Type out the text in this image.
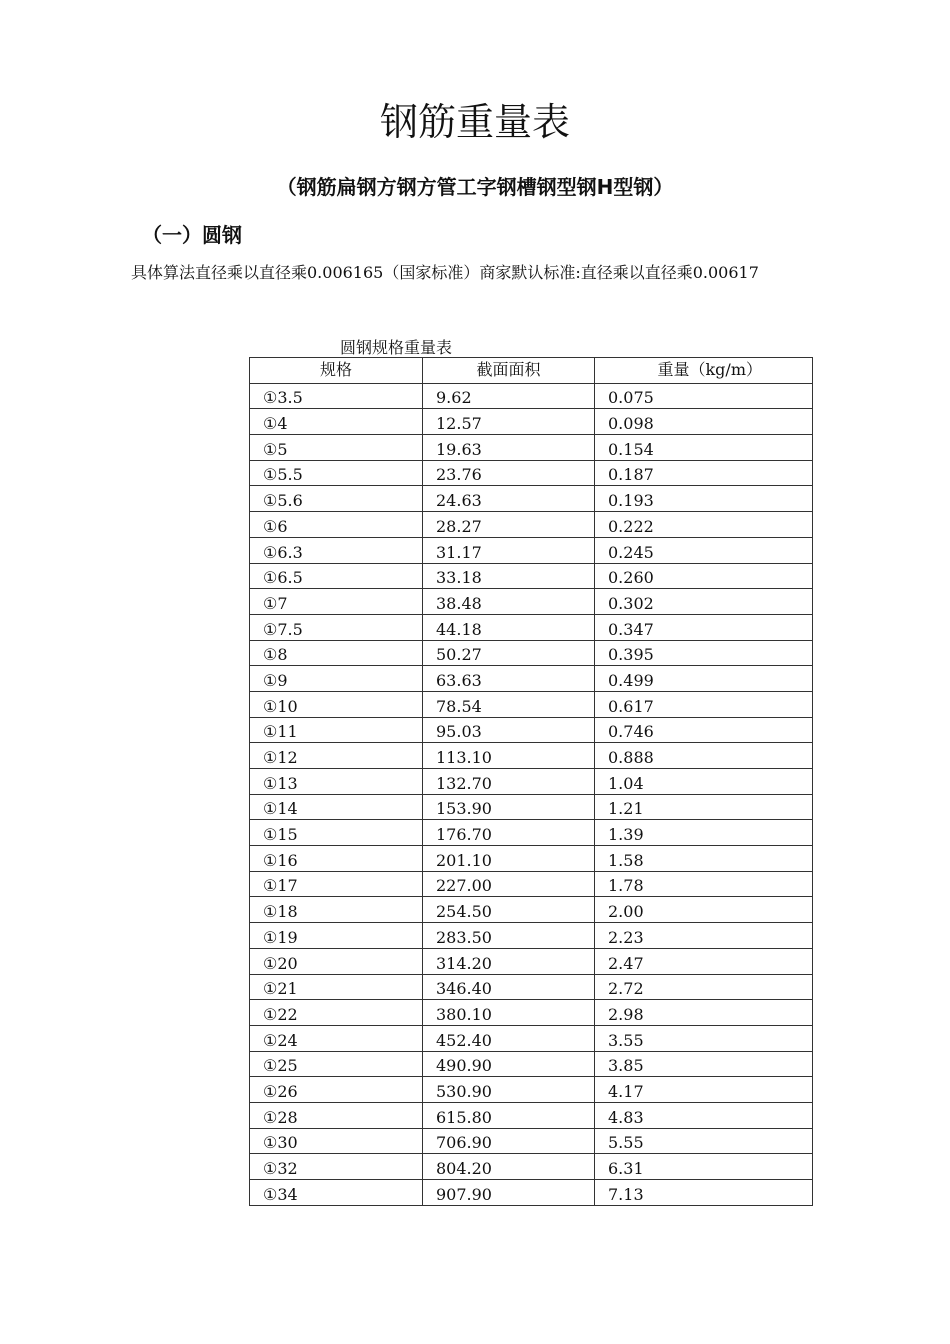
钢筋重量表
（钢筋扁钢方钢方管工字钢槽钢型钢H型钢）
（一）圆钢
具体算法直径乘以直径乘0.006165（国家标准）商家默认标准:直径乘以直径乘0.00617
圆钢规格重量表
规格	截面面积	重量（kg/m）
①3.5	9.62	0.075
①4	12.57	0.098
①5	19.63	0.154
①5.5	23.76	0.187
①5.6	24.63	0.193
①6	28.27	0.222
①6.3	31.17	0.245
①6.5	33.18	0.260
①7	38.48	0.302
①7.5	44.18	0.347
①8	50.27	0.395
①9	63.63	0.499
①10	78.54	0.617
①11	95.03	0.746
①12	113.10	0.888
①13	132.70	1.04
①14	153.90	1.21
①15	176.70	1.39
①16	201.10	1.58
①17	227.00	1.78
①18	254.50	2.00
①19	283.50	2.23
①20	314.20	2.47
①21	346.40	2.72
①22	380.10	2.98
①24	452.40	3.55
①25	490.90	3.85
①26	530.90	4.17
①28	615.80	4.83
①30	706.90	5.55
①32	804.20	6.31
①34	907.90	7.13
